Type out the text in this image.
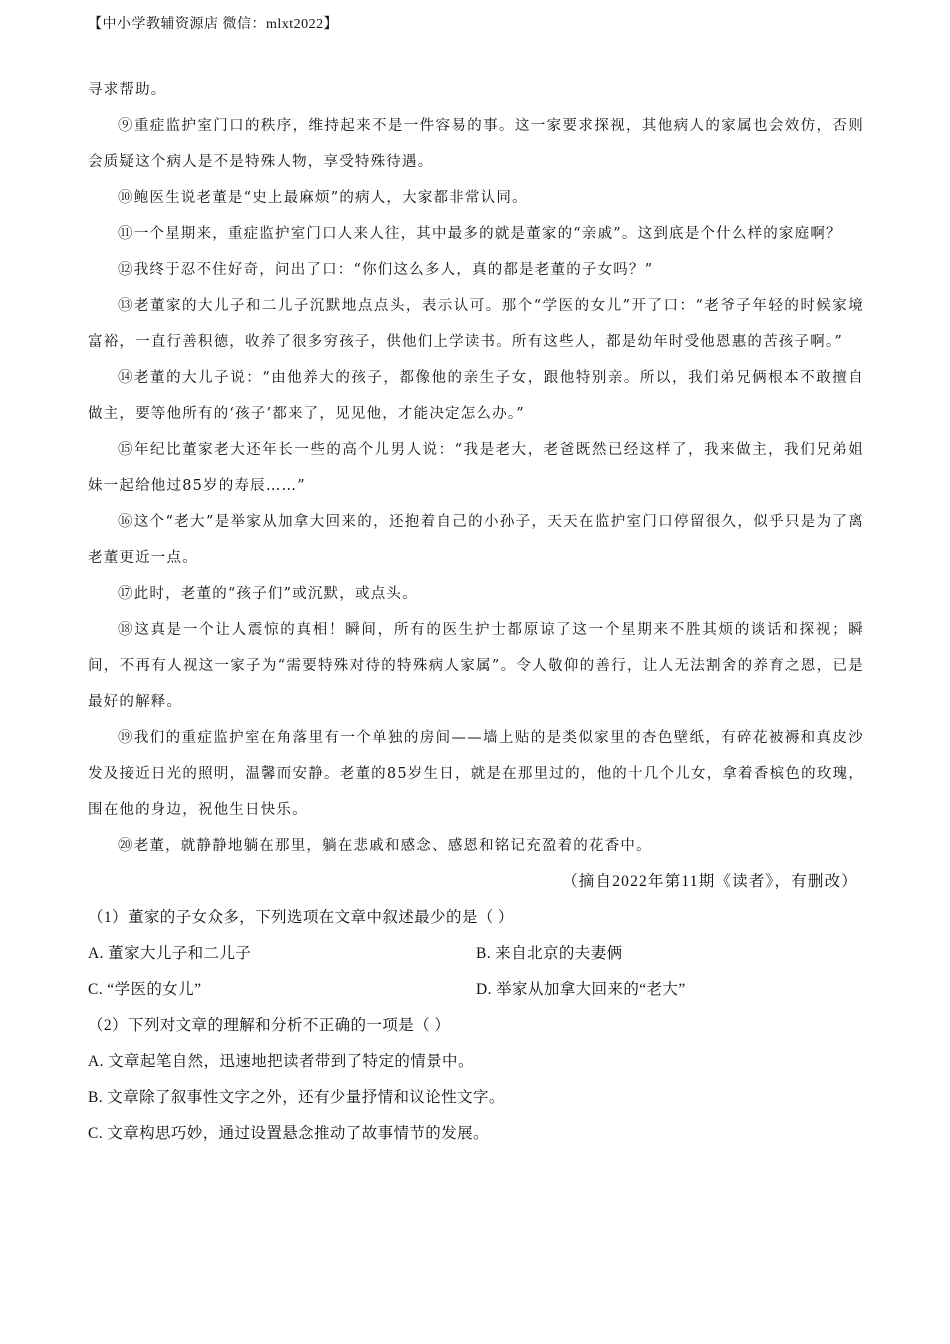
【中小学教辅资源店 微信：mlxt2022】

寻求帮助。

⑨重症监护室门口的秩序，维持起来不是一件容易的事。这一家要求探视，其他病人的家属也会效仿，否则会质疑这个病人是不是特殊人物，享受特殊待遇。

⑩鲍医生说老董是“史上最麻烦”的病人，大家都非常认同。

⑪一个星期来，重症监护室门口人来人往，其中最多的就是董家的“亲戚”。这到底是个什么样的家庭啊？

⑫我终于忍不住好奇，问出了口：“你们这么多人，真的都是老董的子女吗？”

⑬老董家的大儿子和二儿子沉默地点点头，表示认可。那个“学医的女儿”开了口：“老爷子年轻的时候家境富裕，一直行善积德，收养了很多穷孩子，供他们上学读书。所有这些人，都是幼年时受他恩惠的苦孩子啊。”

⑭老董的大儿子说：“由他养大的孩子，都像他的亲生子女，跟他特别亲。所以，我们弟兄俩根本不敢擅自做主，要等他所有的‘孩子’都来了，见见他，才能决定怎么办。”

⑮年纪比董家老大还年长一些的高个儿男人说：“我是老大，老爸既然已经这样了，我来做主，我们兄弟姐妹一起给他过85岁的寿辰……”

⑯这个“老大”是举家从加拿大回来的，还抱着自己的小孙子，天天在监护室门口停留很久，似乎只是为了离老董更近一点。

⑰此时，老董的“孩子们”或沉默，或点头。

⑱这真是一个让人震惊的真相！瞬间，所有的医生护士都原谅了这一个星期来不胜其烦的谈话和探视；瞬间，不再有人视这一家子为“需要特殊对待的特殊病人家属”。令人敬仰的善行，让人无法割舍的养育之恩，已是最好的解释。

⑲我们的重症监护室在角落里有一个单独的房间——墙上贴的是类似家里的杏色壁纸，有碎花被褥和真皮沙发及接近日光的照明，温馨而安静。老董的85岁生日，就是在那里过的，他的十几个儿女，拿着香槟色的玫瑰，围在他的身边，祝他生日快乐。

⑳老董，就静静地躺在那里，躺在悲戚和感念、感恩和铭记充盈着的花香中。

（摘自2022年第11期《读者》，有删改）

（1）董家的子女众多，下列选项在文章中叙述最少的是（ ）

A. 董家大儿子和二儿子	B. 来自北京的夫妻俩
C. “学医的女儿”	D. 举家从加拿大回来的“老大”

（2）下列对文章的理解和分析不正确的一项是（ ）

A. 文章起笔自然，迅速地把读者带到了特定的情景中。

B. 文章除了叙事性文字之外，还有少量抒情和议论性文字。

C. 文章构思巧妙，通过设置悬念推动了故事情节的发展。
